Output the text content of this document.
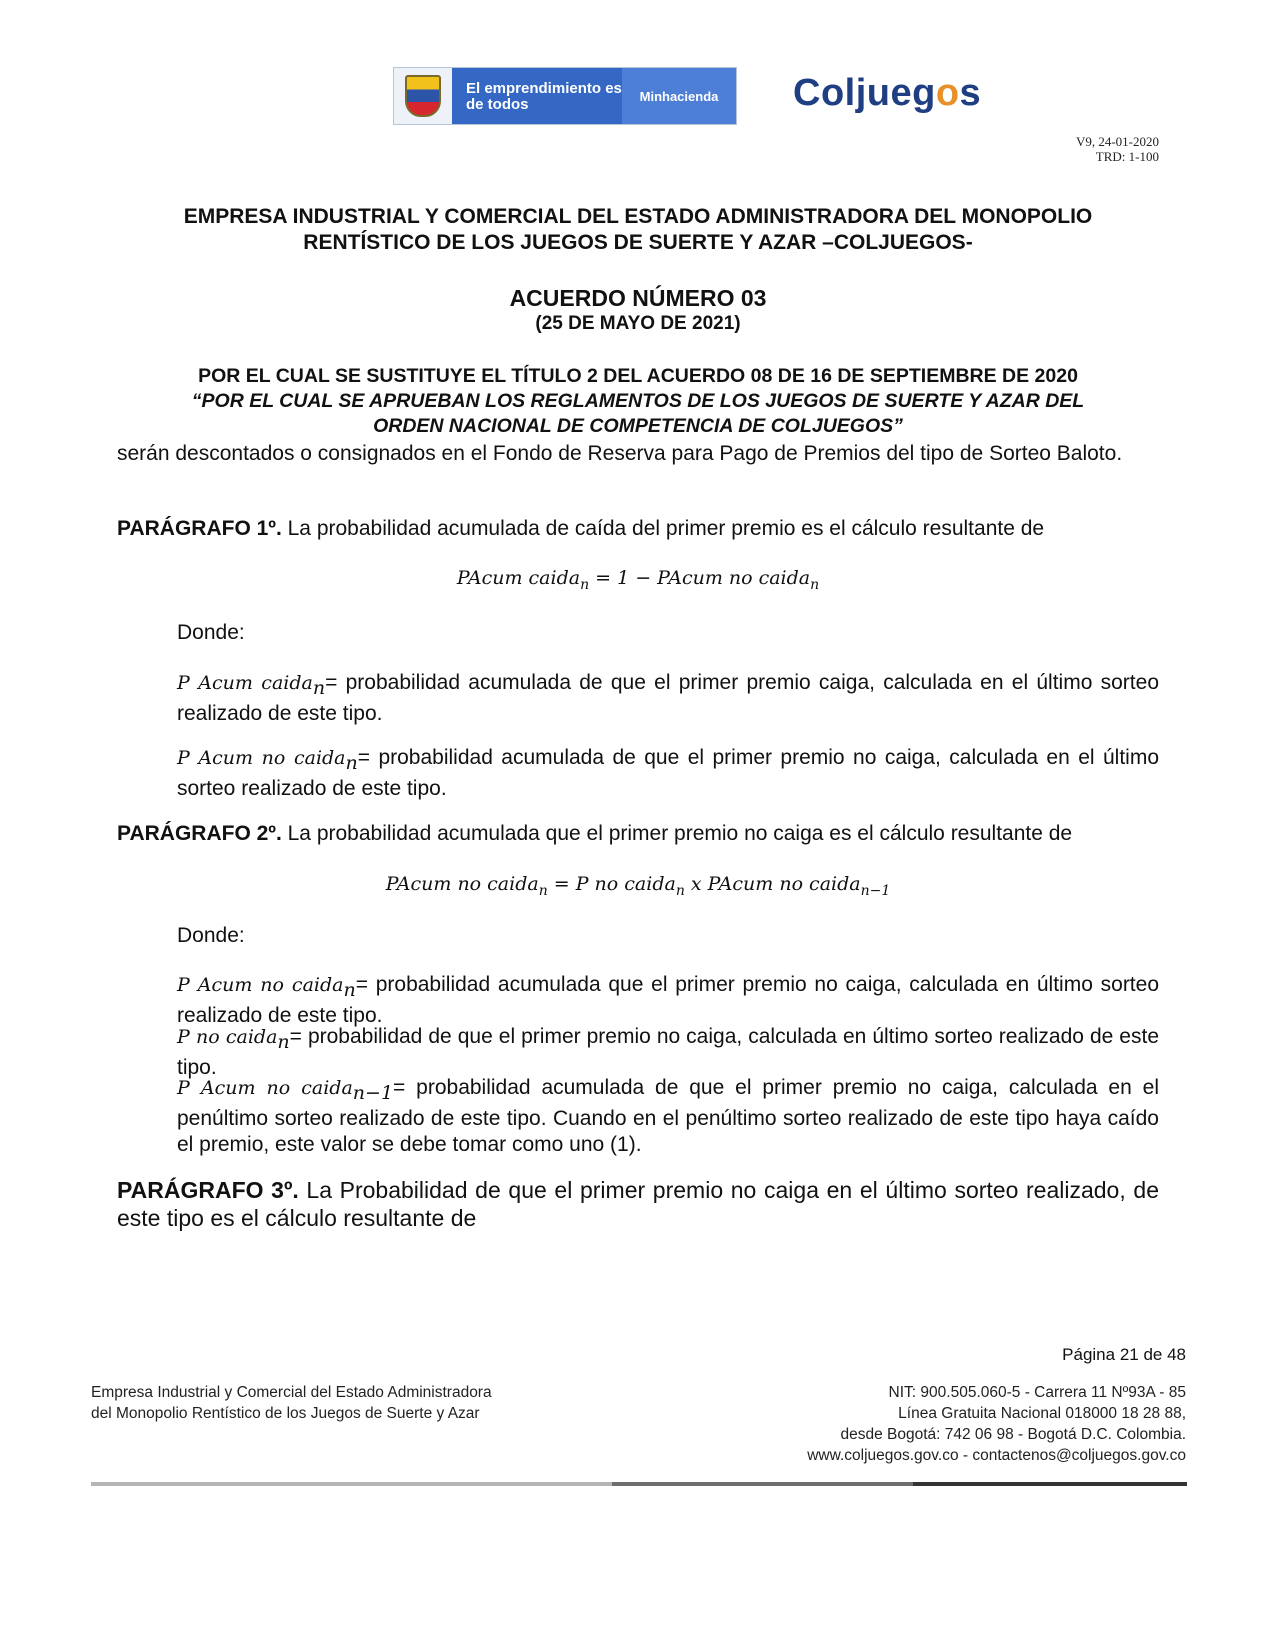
El emprendimiento es de todos	Minhacienda	Coljuegos
V9, 24-01-2020
TRD: 1-100
EMPRESA INDUSTRIAL Y COMERCIAL DEL ESTADO ADMINISTRADORA DEL MONOPOLIO
RENTÍSTICO DE LOS JUEGOS DE SUERTE Y AZAR –COLJUEGOS-
ACUERDO NÚMERO 03
(25 DE MAYO DE 2021)
POR EL CUAL SE SUSTITUYE EL TÍTULO 2 DEL ACUERDO 08 DE 16 DE SEPTIEMBRE DE 2020
“POR EL CUAL SE APRUEBAN LOS REGLAMENTOS DE LOS JUEGOS DE SUERTE Y AZAR DEL
ORDEN NACIONAL DE COMPETENCIA DE COLJUEGOS”
serán descontados o consignados en el Fondo de Reserva para Pago de Premios del tipo de Sorteo Baloto.
PARÁGRAFO 1º. La probabilidad acumulada de caída del primer premio es el cálculo resultante de
PAcum caida$_n$ = 1 − PAcum no caida$_n$
Donde:
P Acum caida$_n$= probabilidad acumulada de que el primer premio caiga, calculada en el último sorteo realizado de este tipo.
P Acum no caida$_n$= probabilidad acumulada de que el primer premio no caiga, calculada en el último sorteo realizado de este tipo.
PARÁGRAFO 2º. La probabilidad acumulada que el primer premio no caiga es el cálculo resultante de
PAcum no caida$_n$ = P no caida$_n$ x PAcum no caida$_{n-1}$
Donde:
P Acum no caida$_n$= probabilidad acumulada que el primer premio no caiga, calculada en último sorteo realizado de este tipo.
P no caida$_n$= probabilidad de que el primer premio no caiga, calculada en último sorteo realizado de este tipo.
P Acum no caida$_{n-1}$= probabilidad acumulada de que el primer premio no caiga, calculada en el penúltimo sorteo realizado de este tipo. Cuando en el penúltimo sorteo realizado de este tipo haya caído el premio, este valor se debe tomar como uno (1).
PARÁGRAFO 3º. La Probabilidad de que el primer premio no caiga en el último sorteo realizado, de este tipo es el cálculo resultante de
Página 21 de 48
Empresa Industrial y Comercial del Estado Administradora
del Monopolio Rentístico de los Juegos de Suerte y Azar
NIT: 900.505.060-5 - Carrera 11 Nº93A - 85
Línea Gratuita Nacional 018000 18 28 88,
desde Bogotá: 742 06 98 - Bogotá D.C. Colombia.
www.coljuegos.gov.co - contactenos@coljuegos.gov.co
